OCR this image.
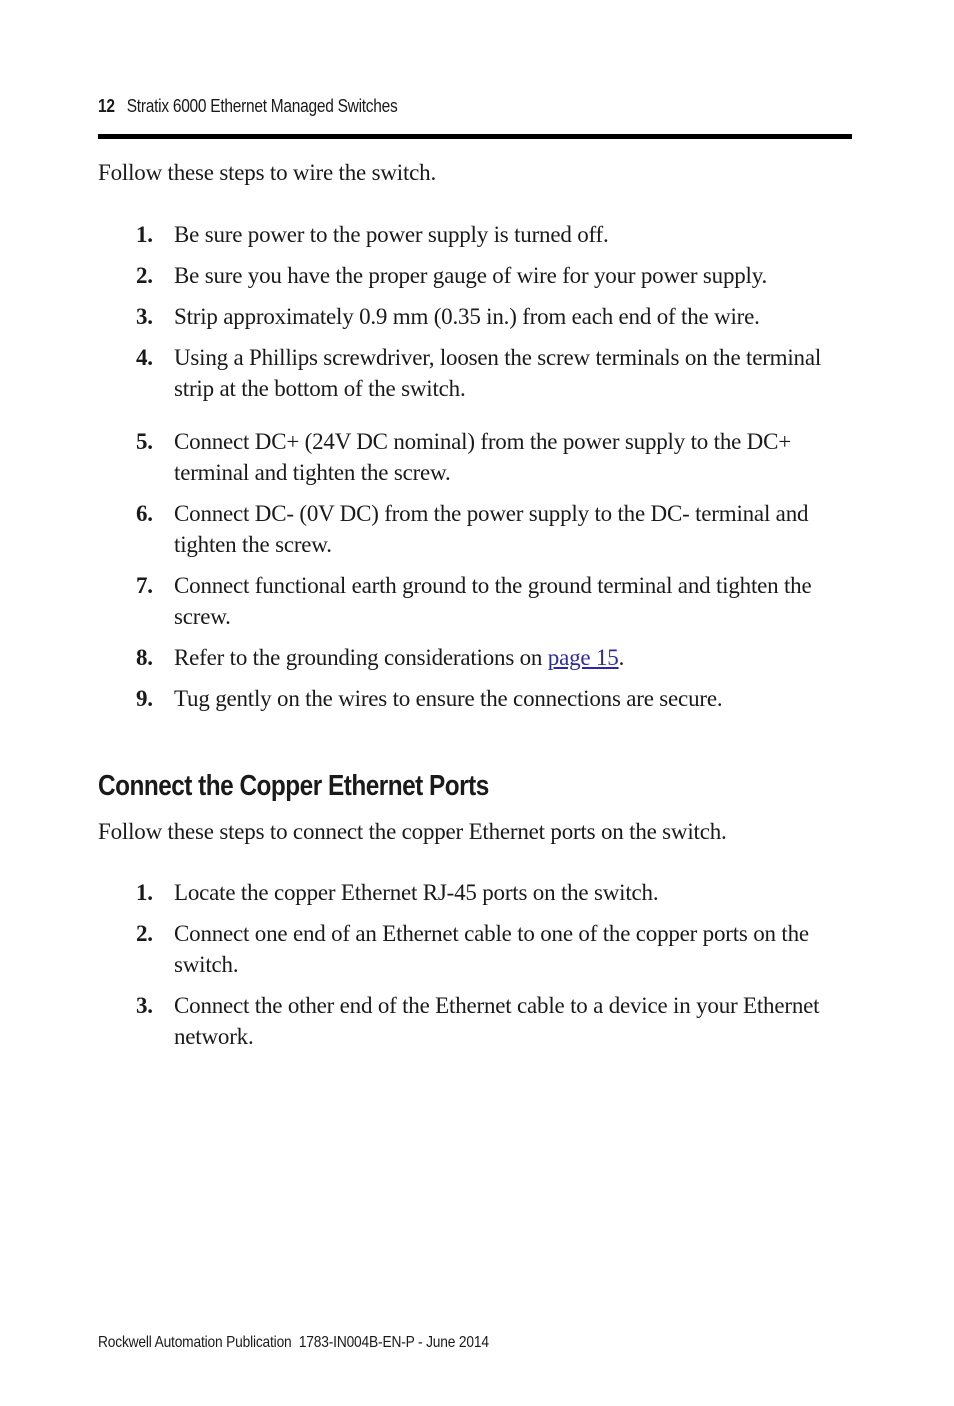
12 Stratix 6000 Ethernet Managed Switches
Follow these steps to wire the switch.
1. Be sure power to the power supply is turned off.
2. Be sure you have the proper gauge of wire for your power supply.
3. Strip approximately 0.9 mm (0.35 in.) from each end of the wire.
4. Using a Phillips screwdriver, loosen the screw terminals on the terminal strip at the bottom of the switch.
5. Connect DC+ (24V DC nominal) from the power supply to the DC+ terminal and tighten the screw.
6. Connect DC- (0V DC) from the power supply to the DC- terminal and tighten the screw.
7. Connect functional earth ground to the ground terminal and tighten the screw.
8. Refer to the grounding considerations on page 15.
9. Tug gently on the wires to ensure the connections are secure.
Connect the Copper Ethernet Ports
Follow these steps to connect the copper Ethernet ports on the switch.
1. Locate the copper Ethernet RJ-45 ports on the switch.
2. Connect one end of an Ethernet cable to one of the copper ports on the switch.
3. Connect the other end of the Ethernet cable to a device in your Ethernet network.
Rockwell Automation Publication  1783-IN004B-EN-P - June 2014
